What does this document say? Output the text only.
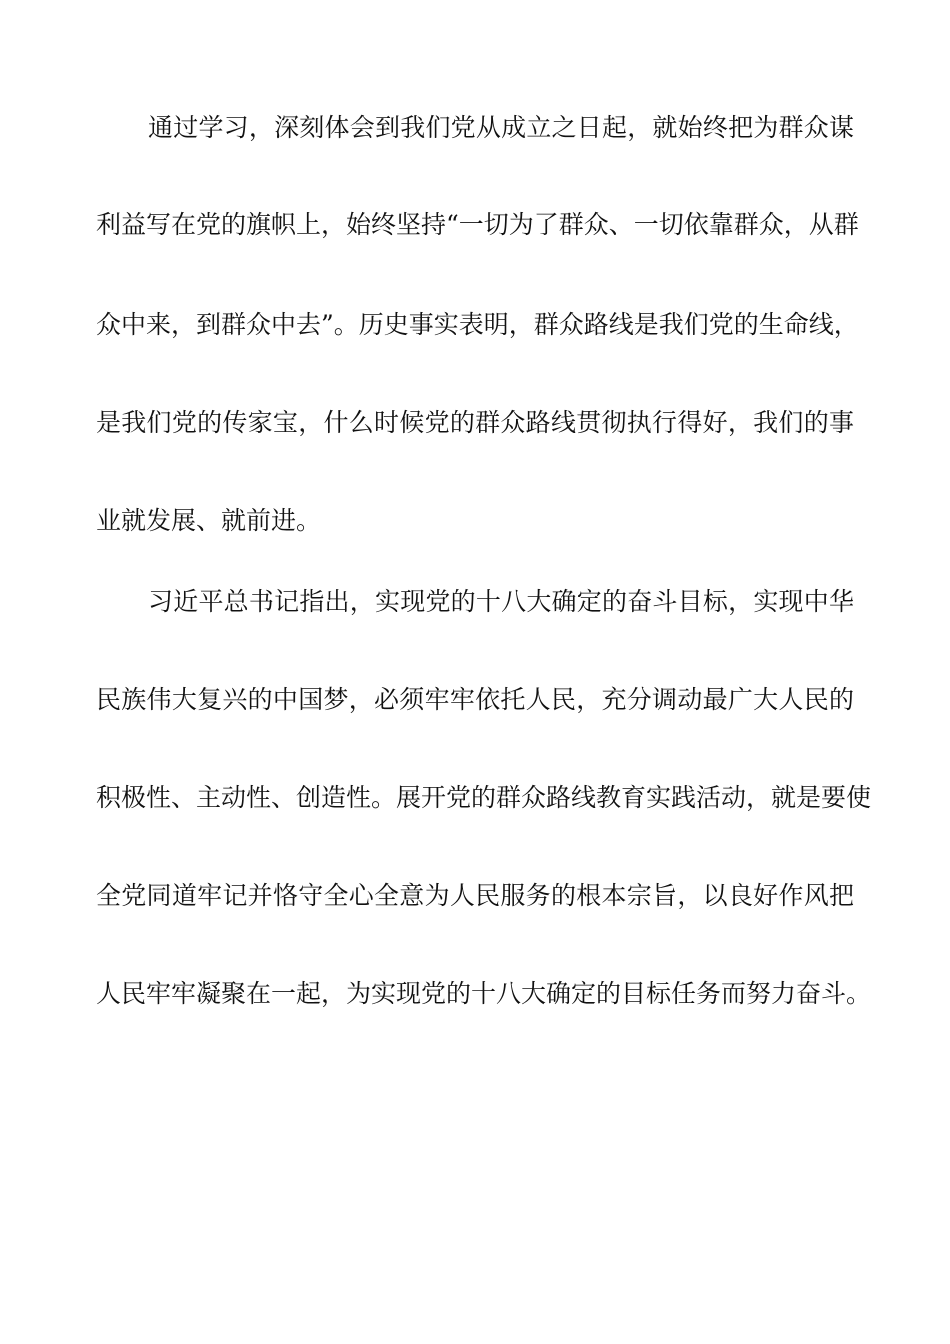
通过学习，深刻体会到我们党从成立之日起，就始终把为群众谋
利益写在党的旗帜上，始终坚持“一切为了群众、一切依靠群众，从群
众中来，到群众中去”。历史事实表明，群众路线是我们党的生命线，
是我们党的传家宝，什么时候党的群众路线贯彻执行得好，我们的事
业就发展、就前进。
习近平总书记指出，实现党的十八大确定的奋斗目标，实现中华
民族伟大复兴的中国梦，必须牢牢依托人民，充分调动最广大人民的
积极性、主动性、创造性。展开党的群众路线教育实践活动，就是要使
全党同道牢记并恪守全心全意为人民服务的根本宗旨，以良好作风把
人民牢牢凝聚在一起，为实现党的十八大确定的目标任务而努力奋斗。
